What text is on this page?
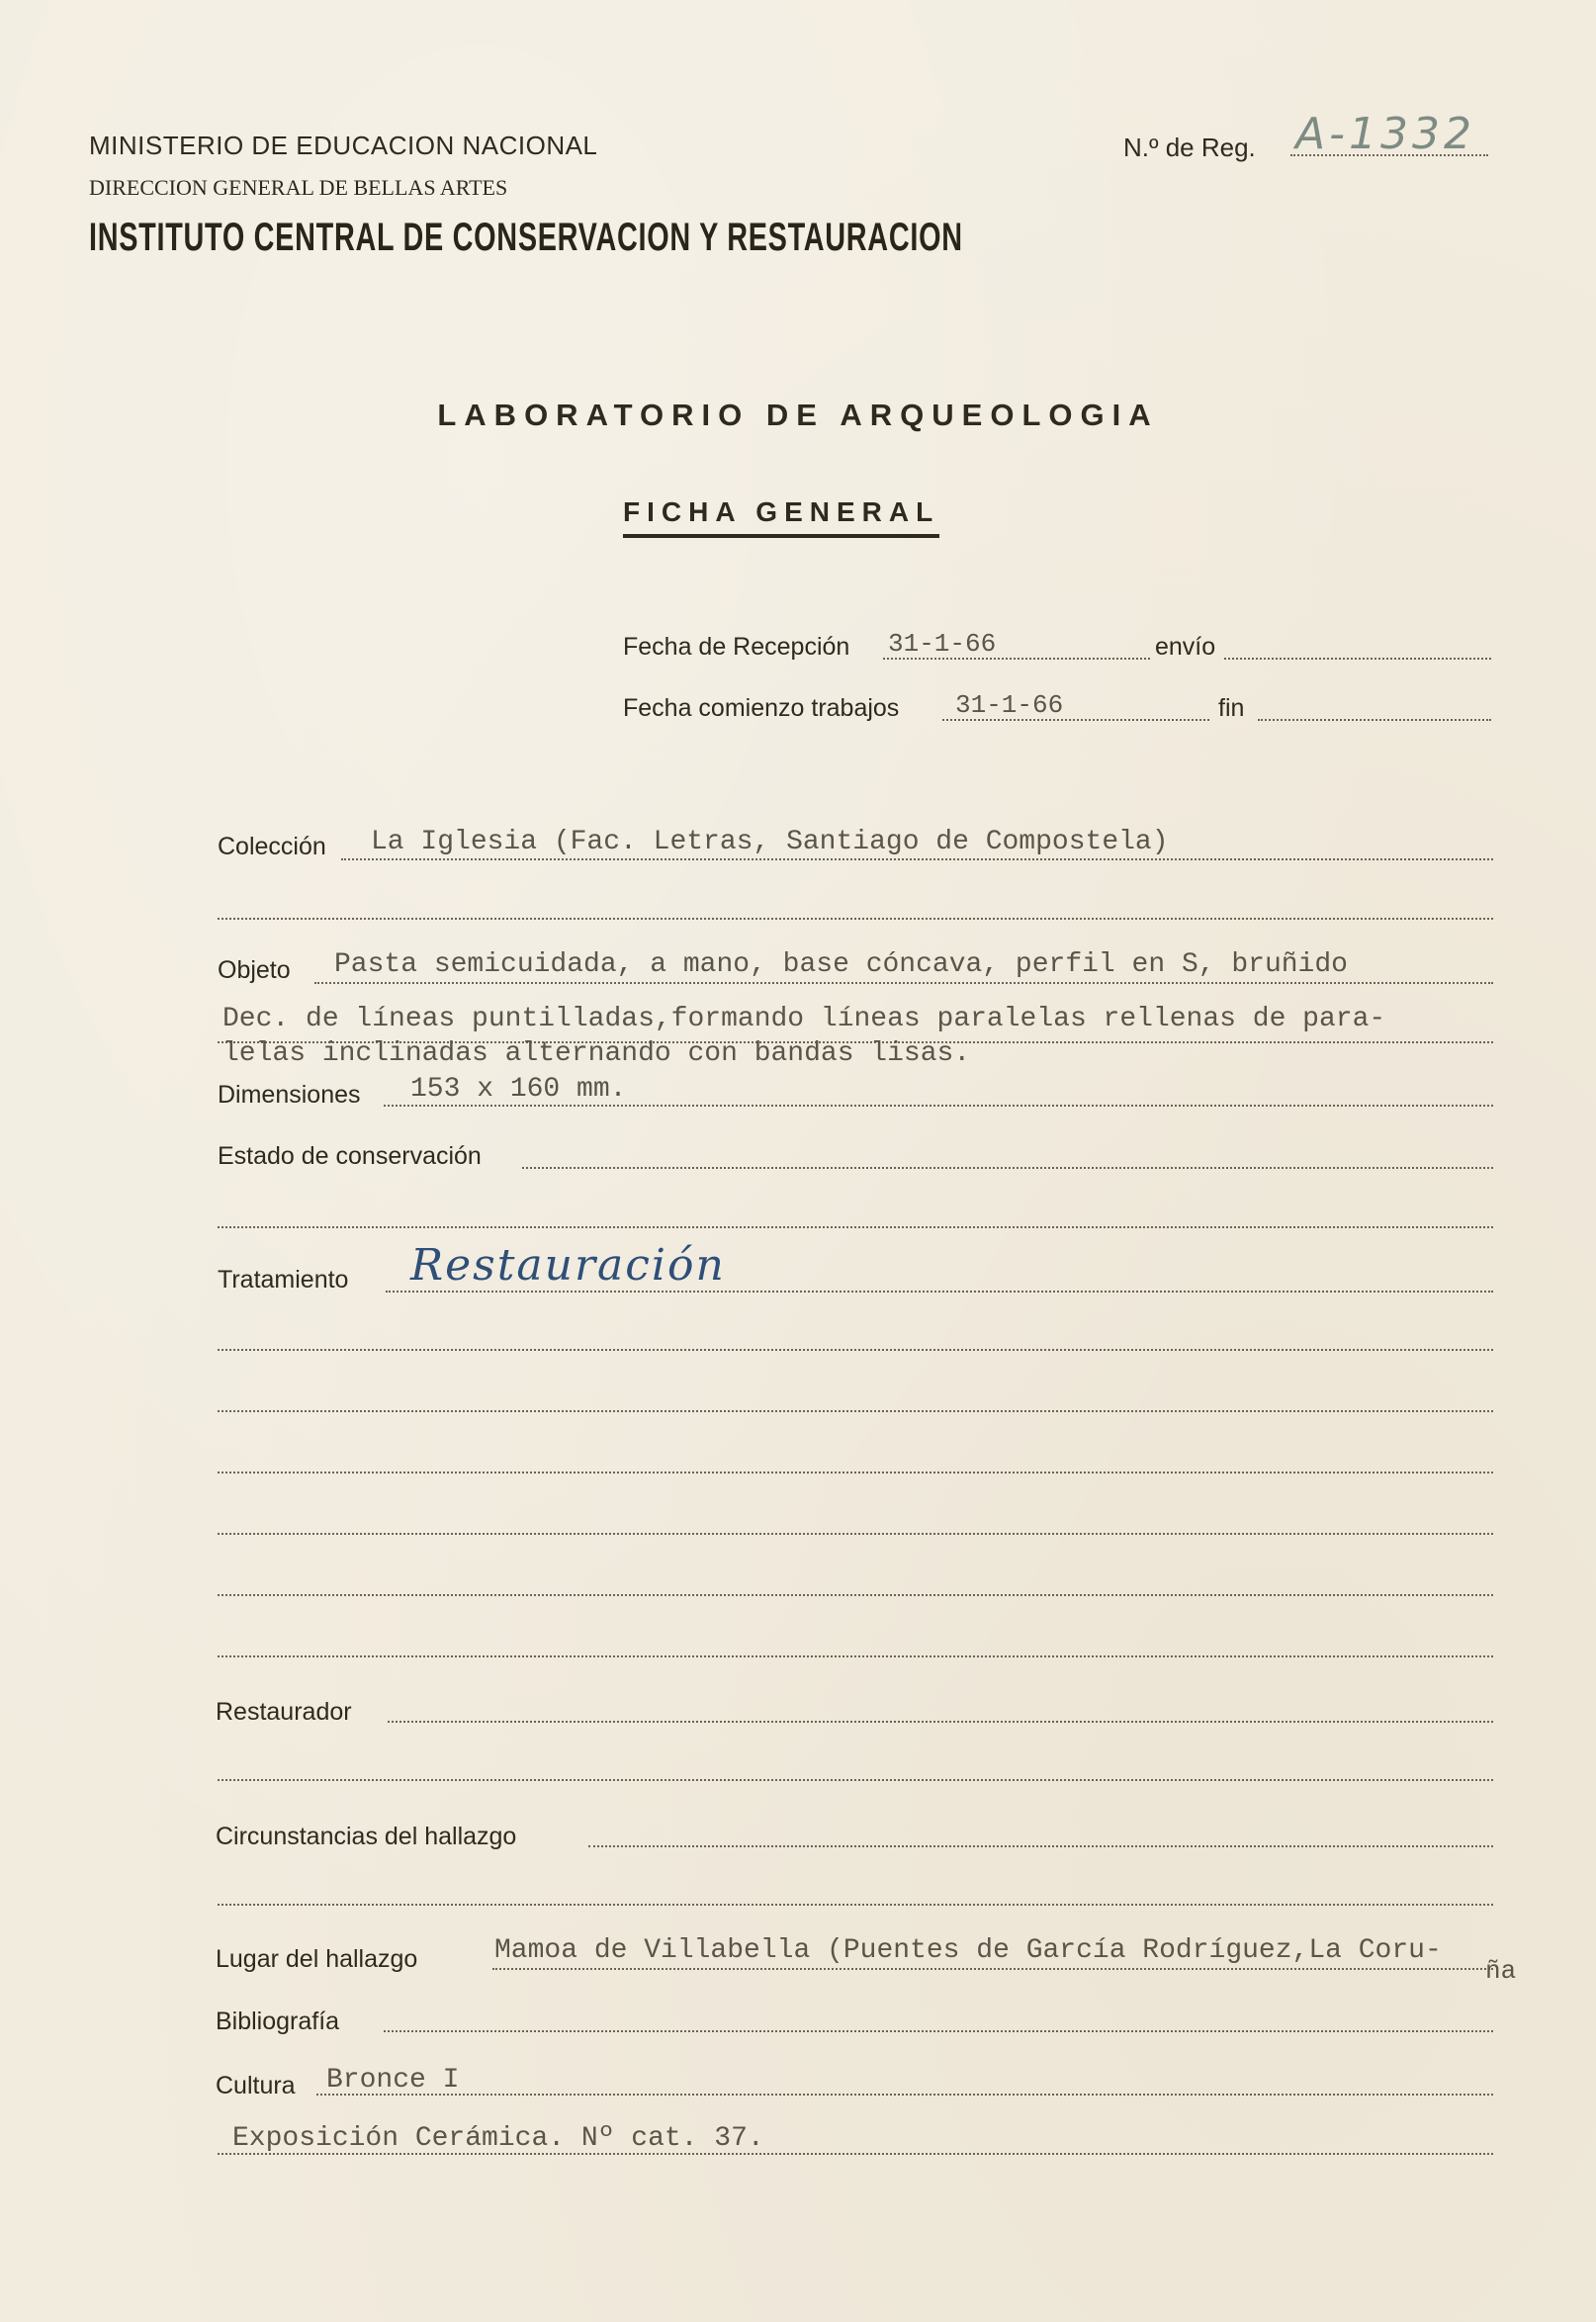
MINISTERIO DE EDUCACION NACIONAL
DIRECCION GENERAL DE BELLAS ARTES
INSTITUTO CENTRAL DE CONSERVACION Y RESTAURACION
N.º de Reg. A-1332
LABORATORIO DE ARQUEOLOGIA
FICHA GENERAL
Fecha de Recepción 31-1-66	envío
Fecha comienzo trabajos 31-1-66	fin
Colección La Iglesia (Fac. Letras, Santiago de Compostela)
Objeto Pasta semicuidada, a mano, base cóncava, perfil en S, bruñido
Dec. de líneas puntilladas,formando líneas paralelas rellenas de para-
lelas inclinadas alternando con bandas lisas.
Dimensiones 153 x 160 mm.
Estado de conservación
Tratamiento Restauración
Restaurador
Circunstancias del hallazgo
Lugar del hallazgo	Mamoa de Villabella (Puentes de García Rodríguez,La Coru-
ña
Bibliografía
Cultura Bronce I
Exposición Cerámica. Nº cat. 37.
